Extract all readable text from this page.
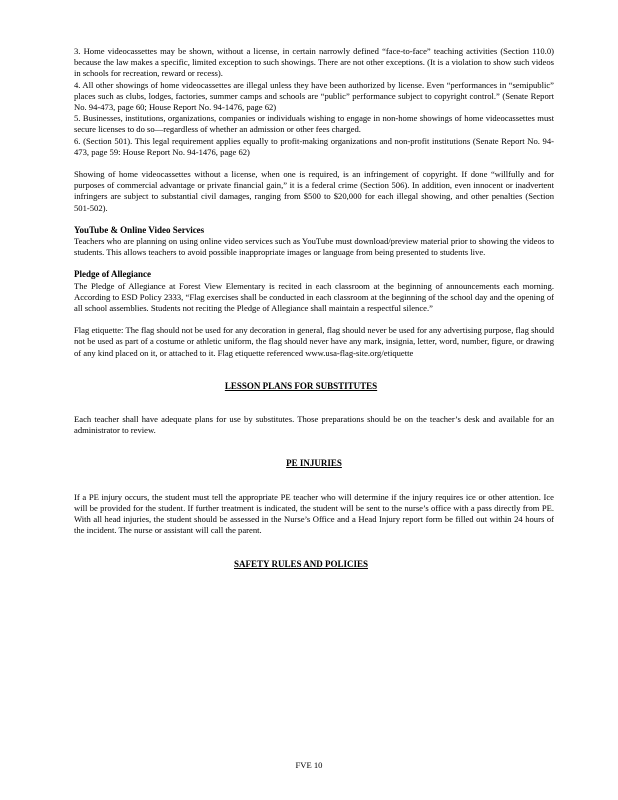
3. Home videocassettes may be shown, without a license, in certain narrowly defined “face-to-face” teaching activities (Section 110.0) because the law makes a specific, limited exception to such showings. There are not other exceptions. (It is a violation to show such videos in schools for recreation, reward or recess).

4. All other showings of home videocassettes are illegal unless they have been authorized by license. Even “performances in “semipublic” places such as clubs, lodges, factories, summer camps and schools are “public” performance subject to copyright control.” (Senate Report No. 94-473, page 60; House Report No. 94-1476, page 62)

5. Businesses, institutions, organizations, companies or individuals wishing to engage in non-home showings of home videocassettes must secure licenses to do so—regardless of whether an admission or other fees charged.

6. (Section 501). This legal requirement applies equally to profit-making organizations and non-profit institutions (Senate Report No. 94-473, page 59: House Report No. 94-1476, page 62)

Showing of home videocassettes without a license, when one is required, is an infringement of copyright. If done “willfully and for purposes of commercial advantage or private financial gain,” it is a federal crime (Section 506). In addition, even innocent or inadvertent infringers are subject to substantial civil damages, ranging from $500 to $20,000 for each illegal showing, and other penalties (Section 501-502).

YouTube & Online Video Services

Teachers who are planning on using online video services such as YouTube must download/preview material prior to showing the videos to students. This allows teachers to avoid possible inappropriate images or language from being presented to students live.

Pledge of Allegiance

The Pledge of Allegiance at Forest View Elementary is recited in each classroom at the beginning of announcements each morning. According to ESD Policy 2333, “Flag exercises shall be conducted in each classroom at the beginning of the school day and the opening of all school assemblies. Students not reciting the Pledge of Allegiance shall maintain a respectful silence.”

Flag etiquette: The flag should not be used for any decoration in general, flag should never be used for any advertising purpose, flag should not be used as part of a costume or athletic uniform, the flag should never have any mark, insignia, letter, word, number, figure, or drawing of any kind placed on it, or attached to it. Flag etiquette referenced www.usa-flag-site.org/etiquette

LESSON PLANS FOR SUBSTITUTES

Each teacher shall have adequate plans for use by substitutes. Those preparations should be on the teacher’s desk and available for an administrator to review.

PE INJURIES

If a PE injury occurs, the student must tell the appropriate PE teacher who will determine if the injury requires ice or other attention. Ice will be provided for the student. If further treatment is indicated, the student will be sent to the nurse’s office with a pass directly from PE. With all head injuries, the student should be assessed in the Nurse’s Office and a Head Injury report form be filled out within 24 hours of the incident. The nurse or assistant will call the parent.

SAFETY RULES AND POLICIES

FVE 10
